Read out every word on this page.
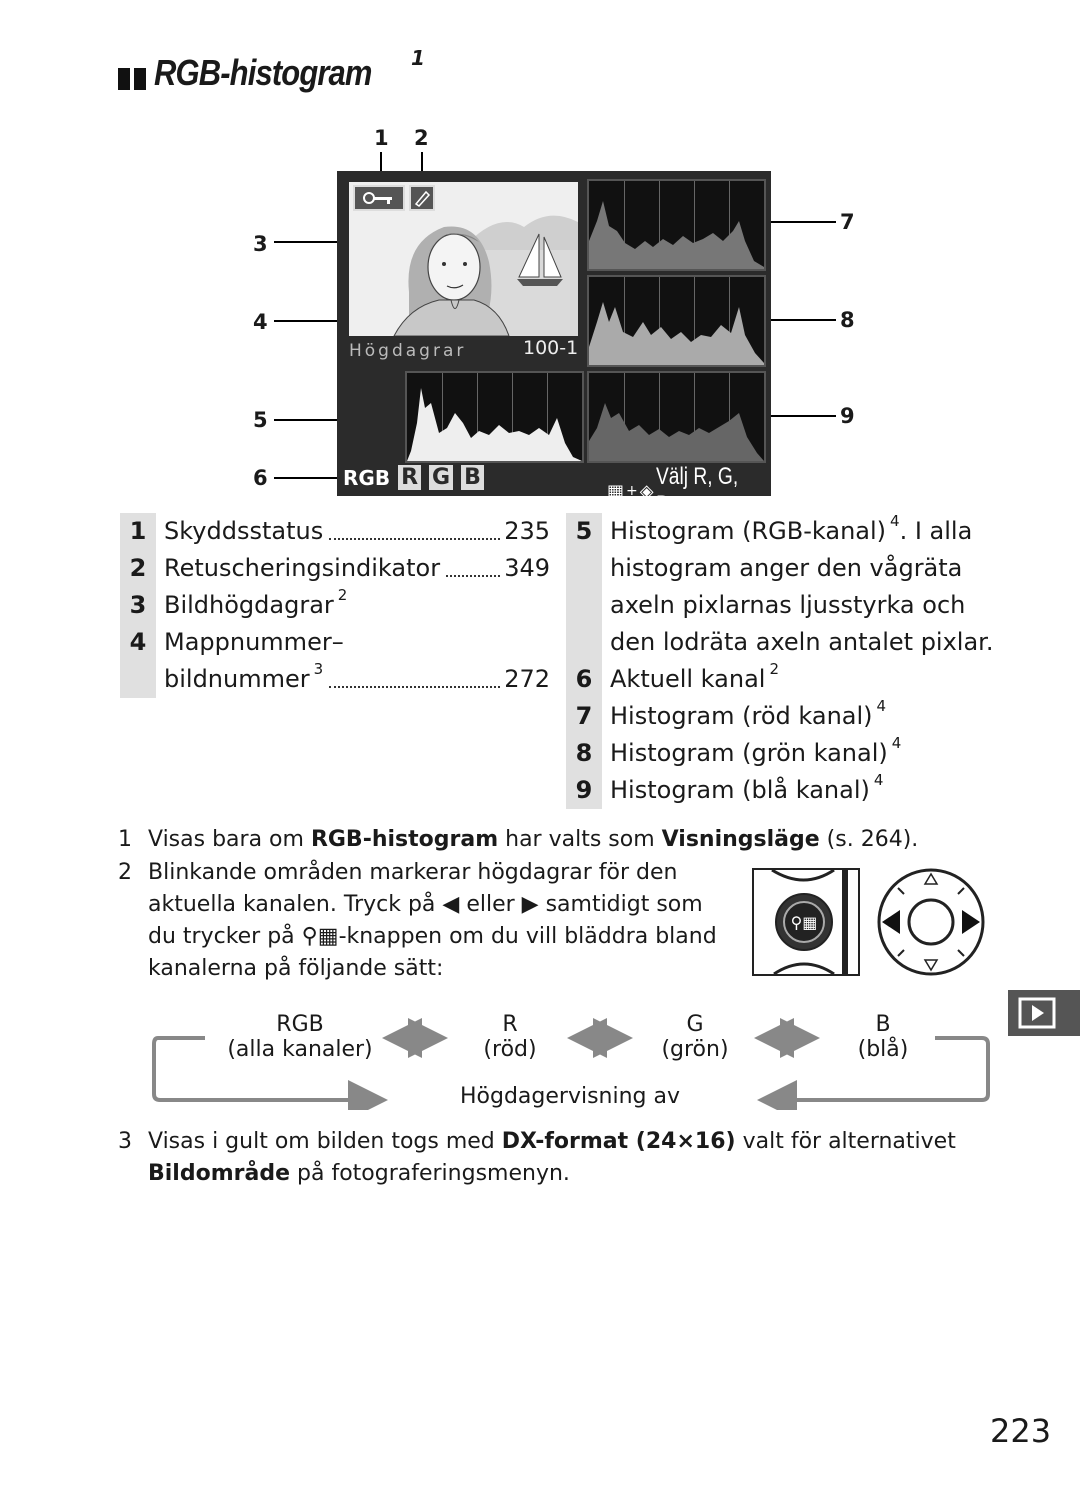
RGB-histogram $^1$
1 2
3
4
5
6
7
8
9
Högdagrar	100-1
RGB R G B
▦ + ◈
Välj R, G, B
1 Skyddsstatus	235
2 Retuscheringsindikator	349
3 Bildhögdagrar 2
4 Mappnummer–
bildnummer 3	272
5 Histogram (RGB-kanal) 4 . I alla
histogram anger den vågräta
axeln pixlarnas ljusstyrka och
den lodräta axeln antalet pixlar.
6 Aktuell kanal 2
7 Histogram (röd kanal) 4
8 Histogram (grön kanal) 4
9 Histogram (blå kanal) 4
1 Visas bara om RGB-histogram har valts som Visningsläge (s. 264).
2 Blinkande områden markerar högdagrar för den
aktuella kanalen. Tryck på ◀ eller ▶ samtidigt som
du trycker på ⚲▦-knappen om du vill bläddra bland
kanalerna på följande sätt:
⚲▦
RGB
(alla kanaler)
R
(röd)
G
(grön)
B
(blå)
Högdagervisning av
3 Visas i gult om bilden togs med DX-format (24×16) valt för alternativet
Bildområde på fotograferingsmenyn.
223
